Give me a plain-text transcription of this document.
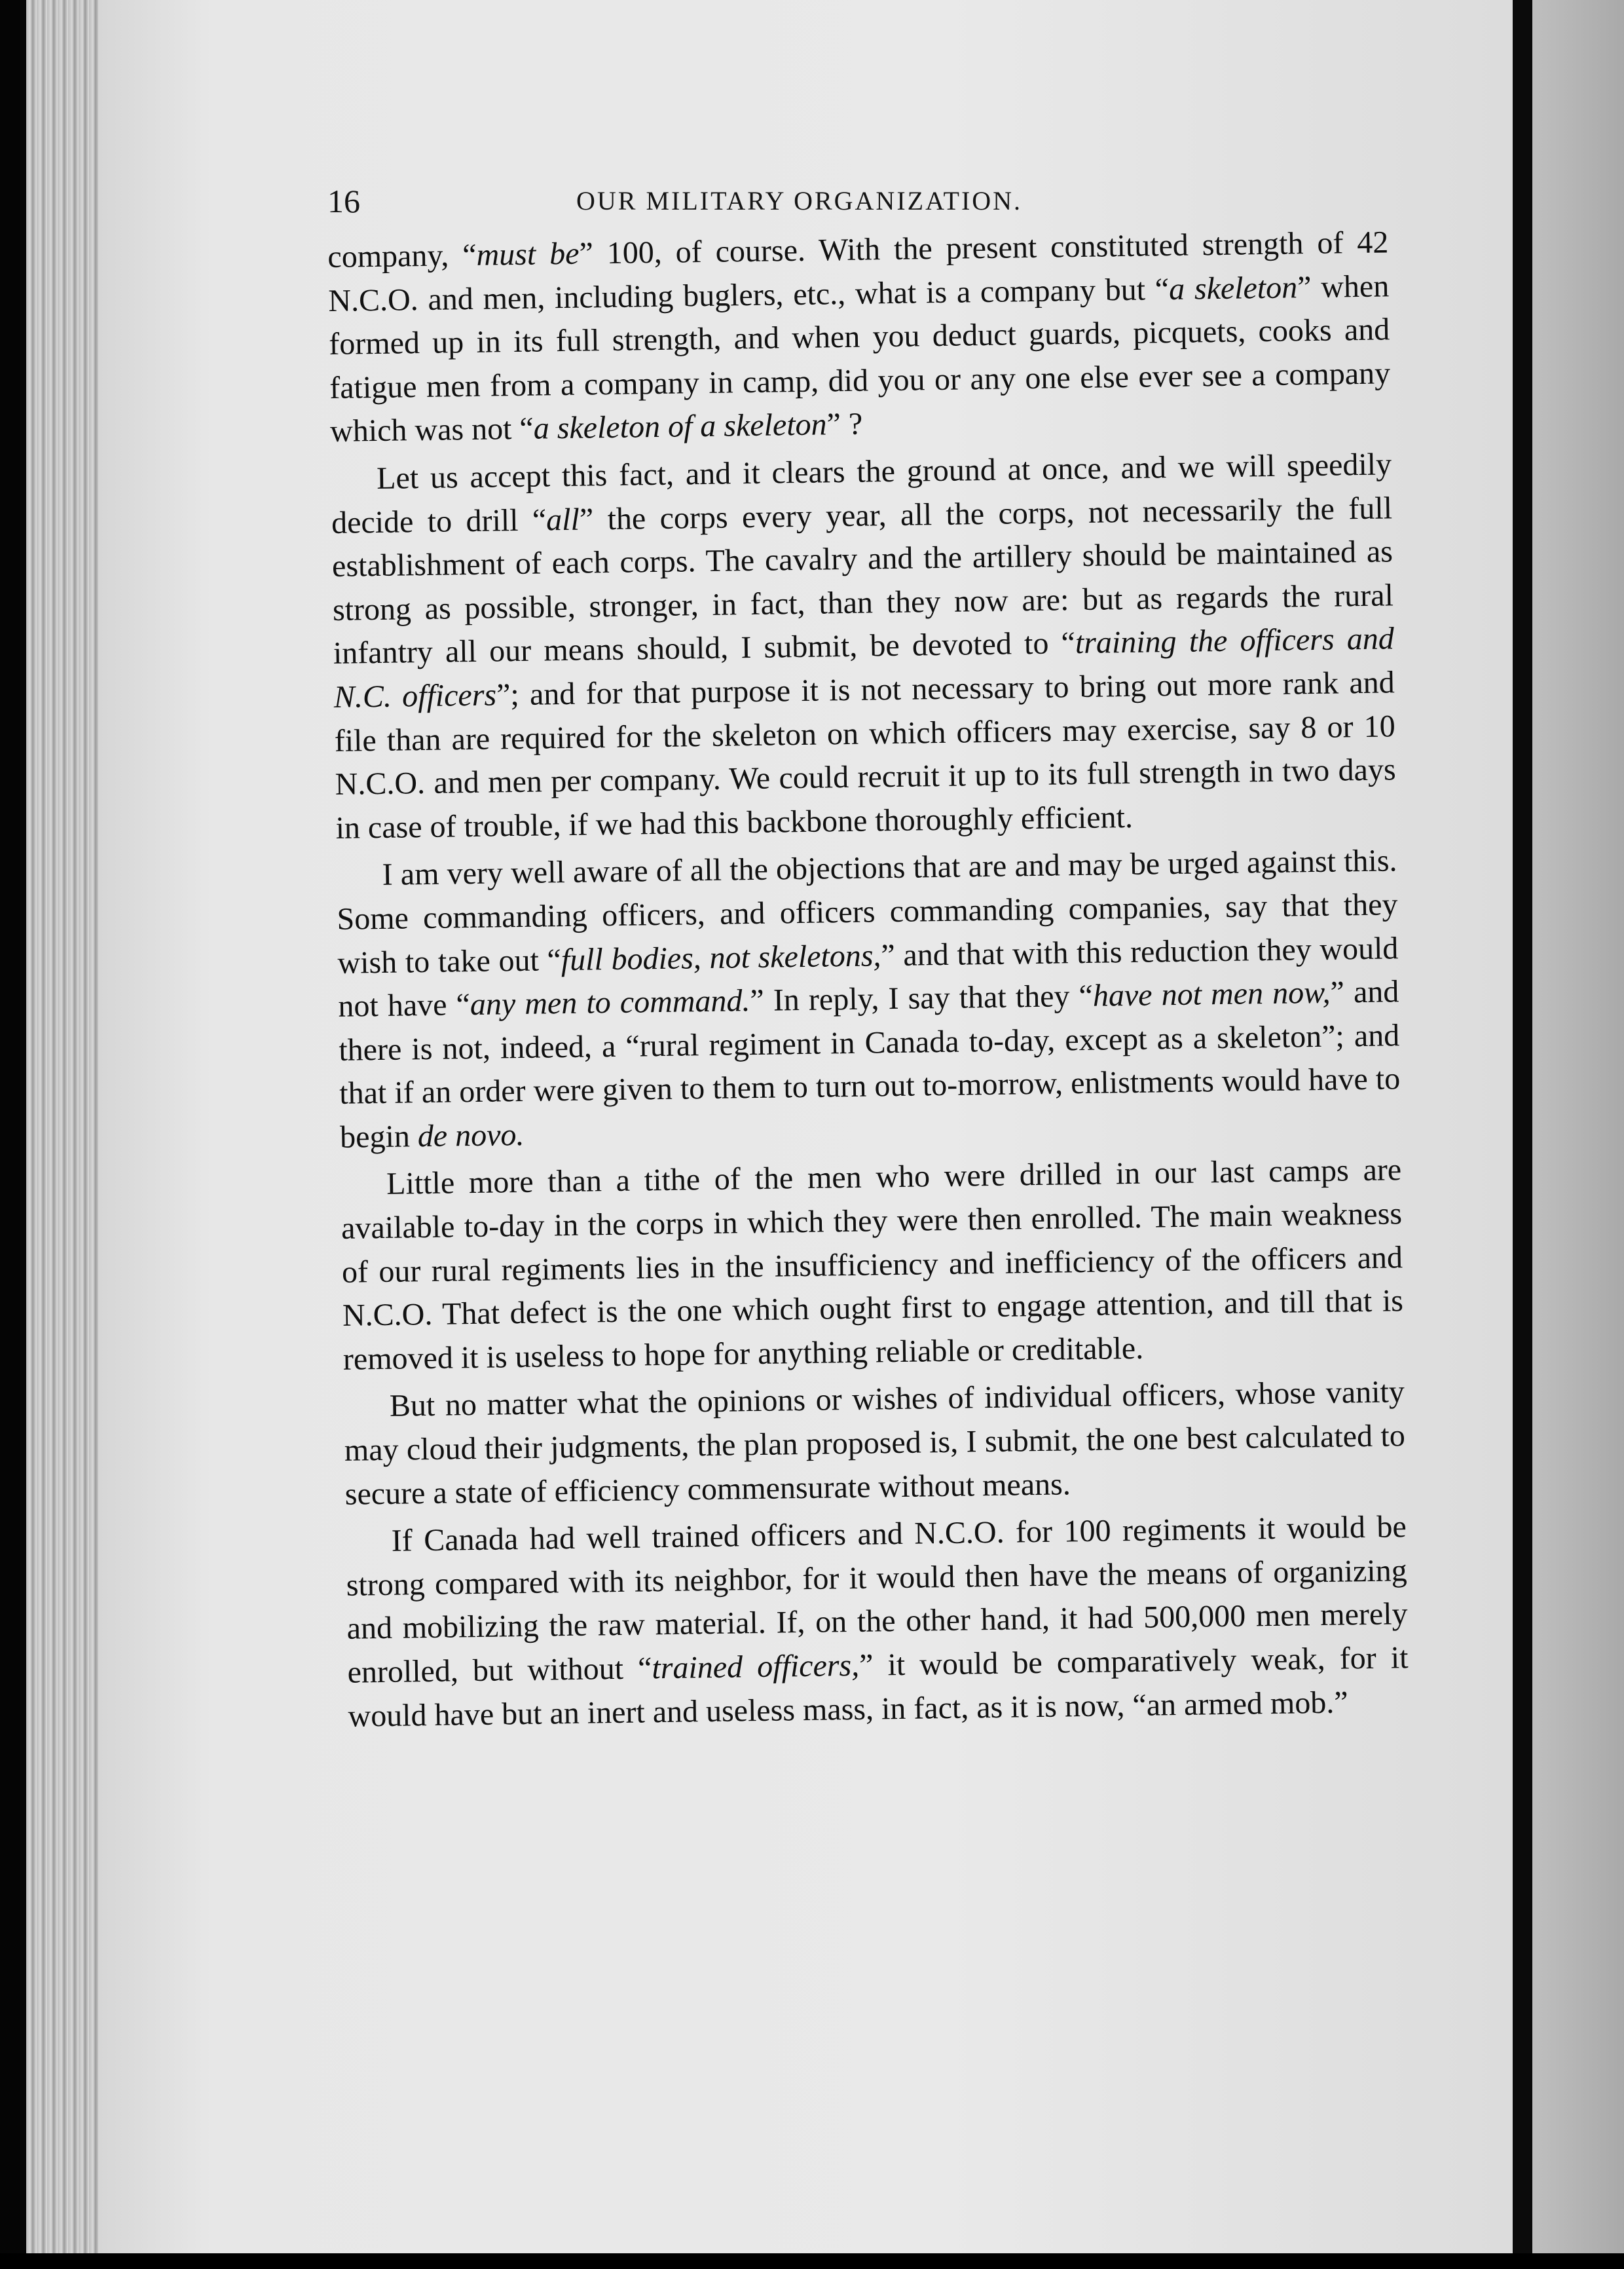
16	OUR MILITARY ORGANIZATION.

company, “must be” 100, of course. With the present constituted strength of 42 N.C.O. and men, including buglers, etc., what is a company but “a skeleton” when formed up in its full strength, and when you deduct guards, picquets, cooks and fatigue men from a company in camp, did you or any one else ever see a company which was not “a skeleton of a skeleton” ?

Let us accept this fact, and it clears the ground at once, and we will speedily decide to drill “all” the corps every year, all the corps, not necessarily the full establishment of each corps. The cavalry and the artillery should be maintained as strong as possible, stronger, in fact, than they now are: but as regards the rural infantry all our means should, I submit, be devoted to “training the officers and N.C. officers”; and for that purpose it is not necessary to bring out more rank and file than are required for the skeleton on which officers may exercise, say 8 or 10 N.C.O. and men per company. We could recruit it up to its full strength in two days in case of trouble, if we had this backbone thoroughly efficient.

I am very well aware of all the objections that are and may be urged against this. Some commanding officers, and officers commanding companies, say that they wish to take out “full bodies, not skeletons,” and that with this reduction they would not have “any men to command.” In reply, I say that they “have not men now,” and there is not, indeed, a “rural regiment in Canada to-day, except as a skeleton”; and that if an order were given to them to turn out to-morrow, enlistments would have to begin de novo.

Little more than a tithe of the men who were drilled in our last camps are available to-day in the corps in which they were then enrolled. The main weakness of our rural regiments lies in the insufficiency and inefficiency of the officers and N.C.O. That defect is the one which ought first to engage attention, and till that is removed it is useless to hope for anything reliable or creditable.

But no matter what the opinions or wishes of individual officers, whose vanity may cloud their judgments, the plan proposed is, I submit, the one best calculated to secure a state of efficiency commensurate without means.

If Canada had well trained officers and N.C.O. for 100 regiments it would be strong compared with its neighbor, for it would then have the means of organizing and mobilizing the raw material. If, on the other hand, it had 500,000 men merely enrolled, but without “trained officers,” it would be comparatively weak, for it would have but an inert and useless mass, in fact, as it is now, “an armed mob.”
